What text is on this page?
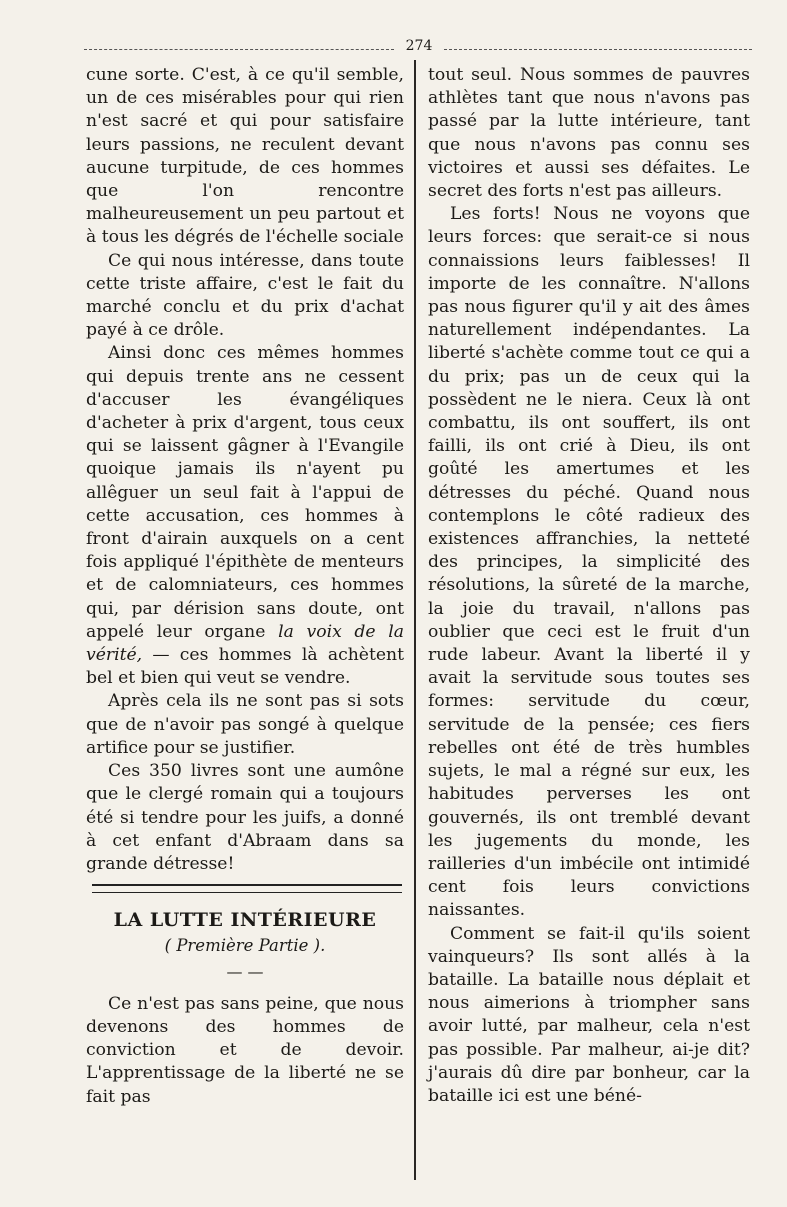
274

cune sorte. C'est, à ce qu'il semble, un de ces misérables pour qui rien n'est sacré et qui pour satisfaire leurs passions, ne reculent devant aucune turpitude, de ces hommes que l'on rencontre malheureusement un peu partout et à tous les dégrés de l'échelle sociale

Ce qui nous intéresse, dans toute cette triste affaire, c'est le fait du marché conclu et du prix d'achat payé à ce drôle.

Ainsi donc ces mêmes hommes qui depuis trente ans ne cessent d'accuser les évangéliques d'acheter à prix d'argent, tous ceux qui se laissent gâgner à l'Evangile quoique jamais ils n'ayent pu allêguer un seul fait à l'appui de cette accusation, ces hommes à front d'airain auxquels on a cent fois appliqué l'épithète de menteurs et de calomniateurs, ces hommes qui, par dérision sans doute, ont appelé leur organe la voix de la vérité, — ces hommes là achètent bel et bien qui veut se vendre.

Après cela ils ne sont pas si sots que de n'avoir pas songé à quelque artifice pour se justifier.

Ces 350 livres sont une aumône que le clergé romain qui a toujours été si tendre pour les juifs, a donné à cet enfant d'Abraam dans sa grande détresse!

LA LUTTE INTÉRIEURE
( Première Partie ).
— —

Ce n'est pas sans peine, que nous devenons des hommes de conviction et de devoir. L'apprentissage de la liberté ne se fait pas

tout seul. Nous sommes de pauvres athlètes tant que nous n'avons pas passé par la lutte intérieure, tant que nous n'avons pas connu ses victoires et aussi ses défaites. Le secret des forts n'est pas ailleurs.

Les forts! Nous ne voyons que leurs forces: que serait-ce si nous connaissions leurs faiblesses! Il importe de les connaître. N'allons pas nous figurer qu'il y ait des âmes naturellement indépendantes. La liberté s'achète comme tout ce qui a du prix; pas un de ceux qui la possèdent ne le niera. Ceux là ont combattu, ils ont souffert, ils ont failli, ils ont crié à Dieu, ils ont goûté les amertumes et les détresses du péché. Quand nous contemplons le côté radieux des existences affranchies, la netteté des principes, la simplicité des résolutions, la sûreté de la marche, la joie du travail, n'allons pas oublier que ceci est le fruit d'un rude labeur. Avant la liberté il y avait la servitude sous toutes ses formes: servitude du cœur, servitude de la pensée; ces fiers rebelles ont été de très humbles sujets, le mal a régné sur eux, les habitudes perverses les ont gouvernés, ils ont tremblé devant les jugements du monde, les railleries d'un imbécile ont intimidé cent fois leurs convictions naissantes.

Comment se fait-il qu'ils soient vainqueurs? Ils sont allés à la bataille. La bataille nous déplait et nous aimerions à triompher sans avoir lutté, par malheur, cela n'est pas possible. Par malheur, ai-je dit? j'aurais dû dire par bonheur, car la bataille ici est une béné-
